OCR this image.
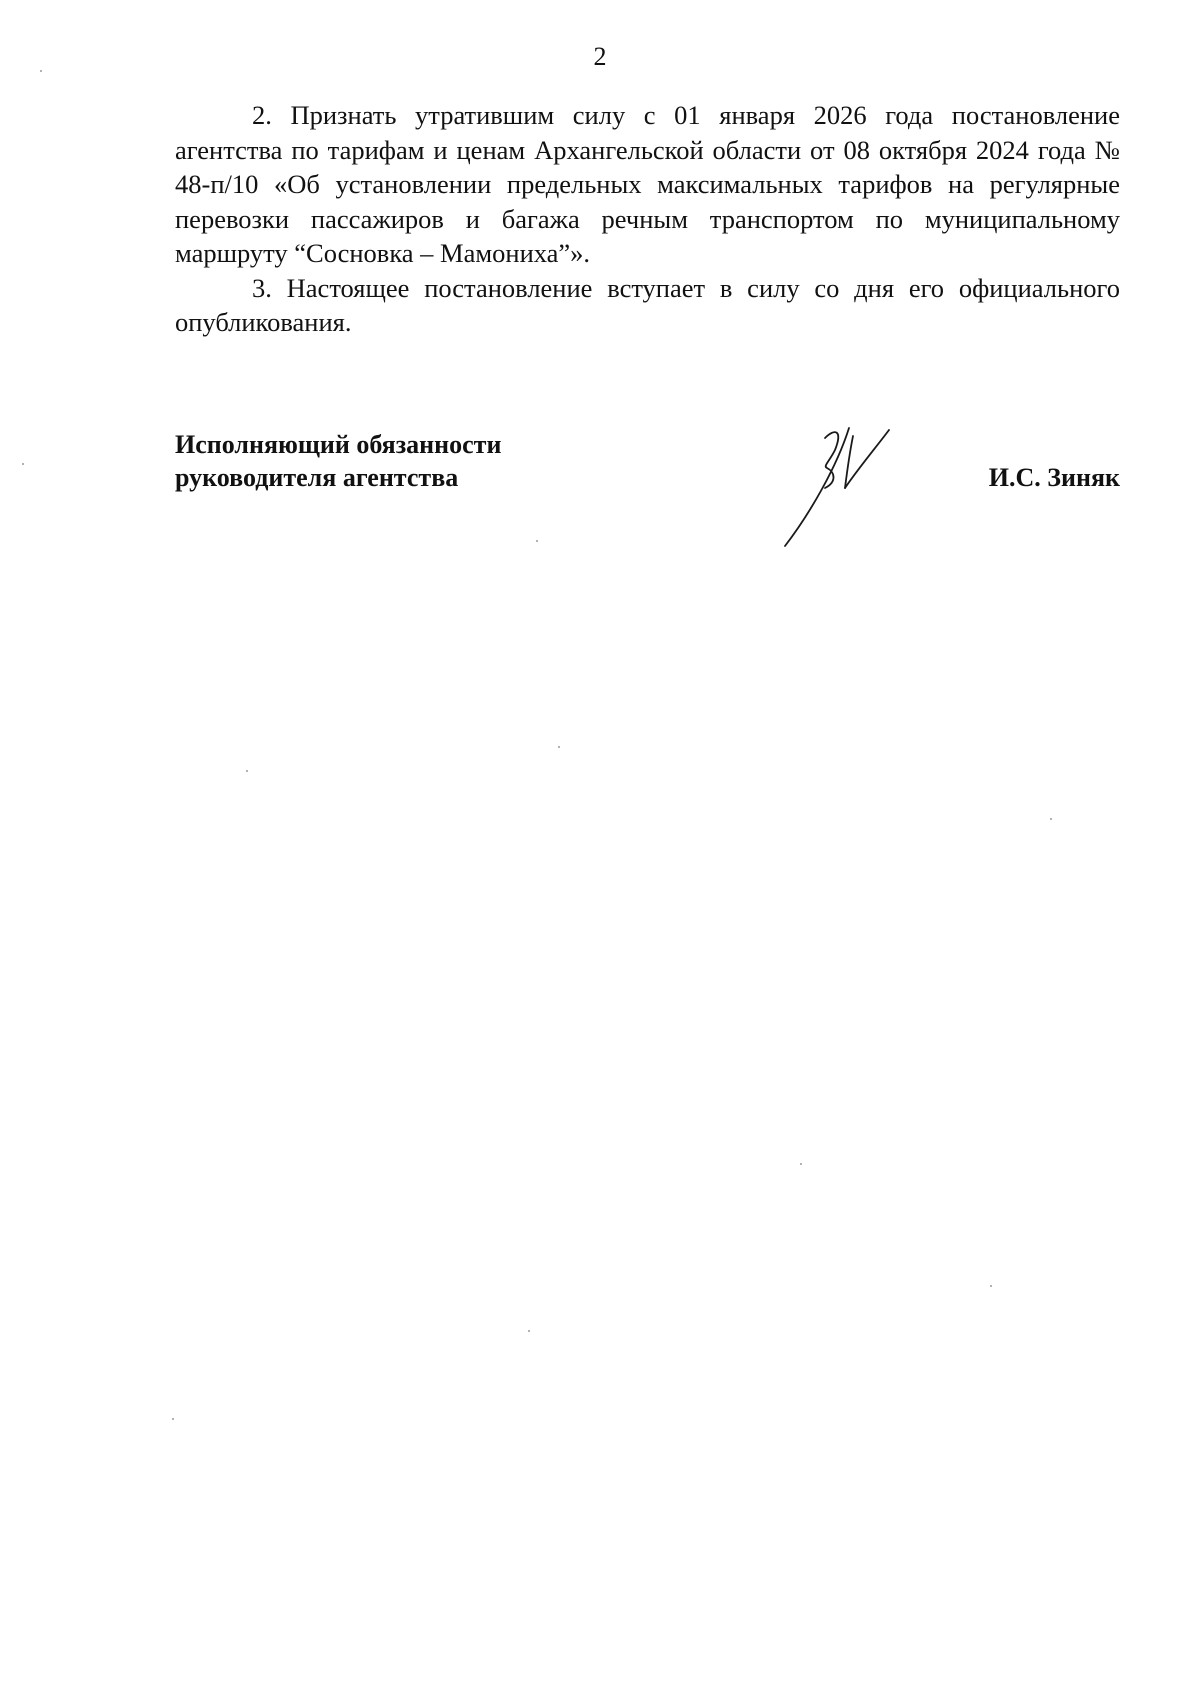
2

2. Признать утратившим силу с 01 января 2026 года постановление агентства по тарифам и ценам Архангельской области от 08 октября 2024 года № 48-п/10 «Об установлении предельных максимальных тарифов на регулярные перевозки пассажиров и багажа речным транспортом по муниципальному маршруту “Сосновка – Мамониха”».

3. Настоящее постановление вступает в силу со дня его официального опубликования.

Исполняющий обязанности
руководителя агентства	И.С. Зиняк
